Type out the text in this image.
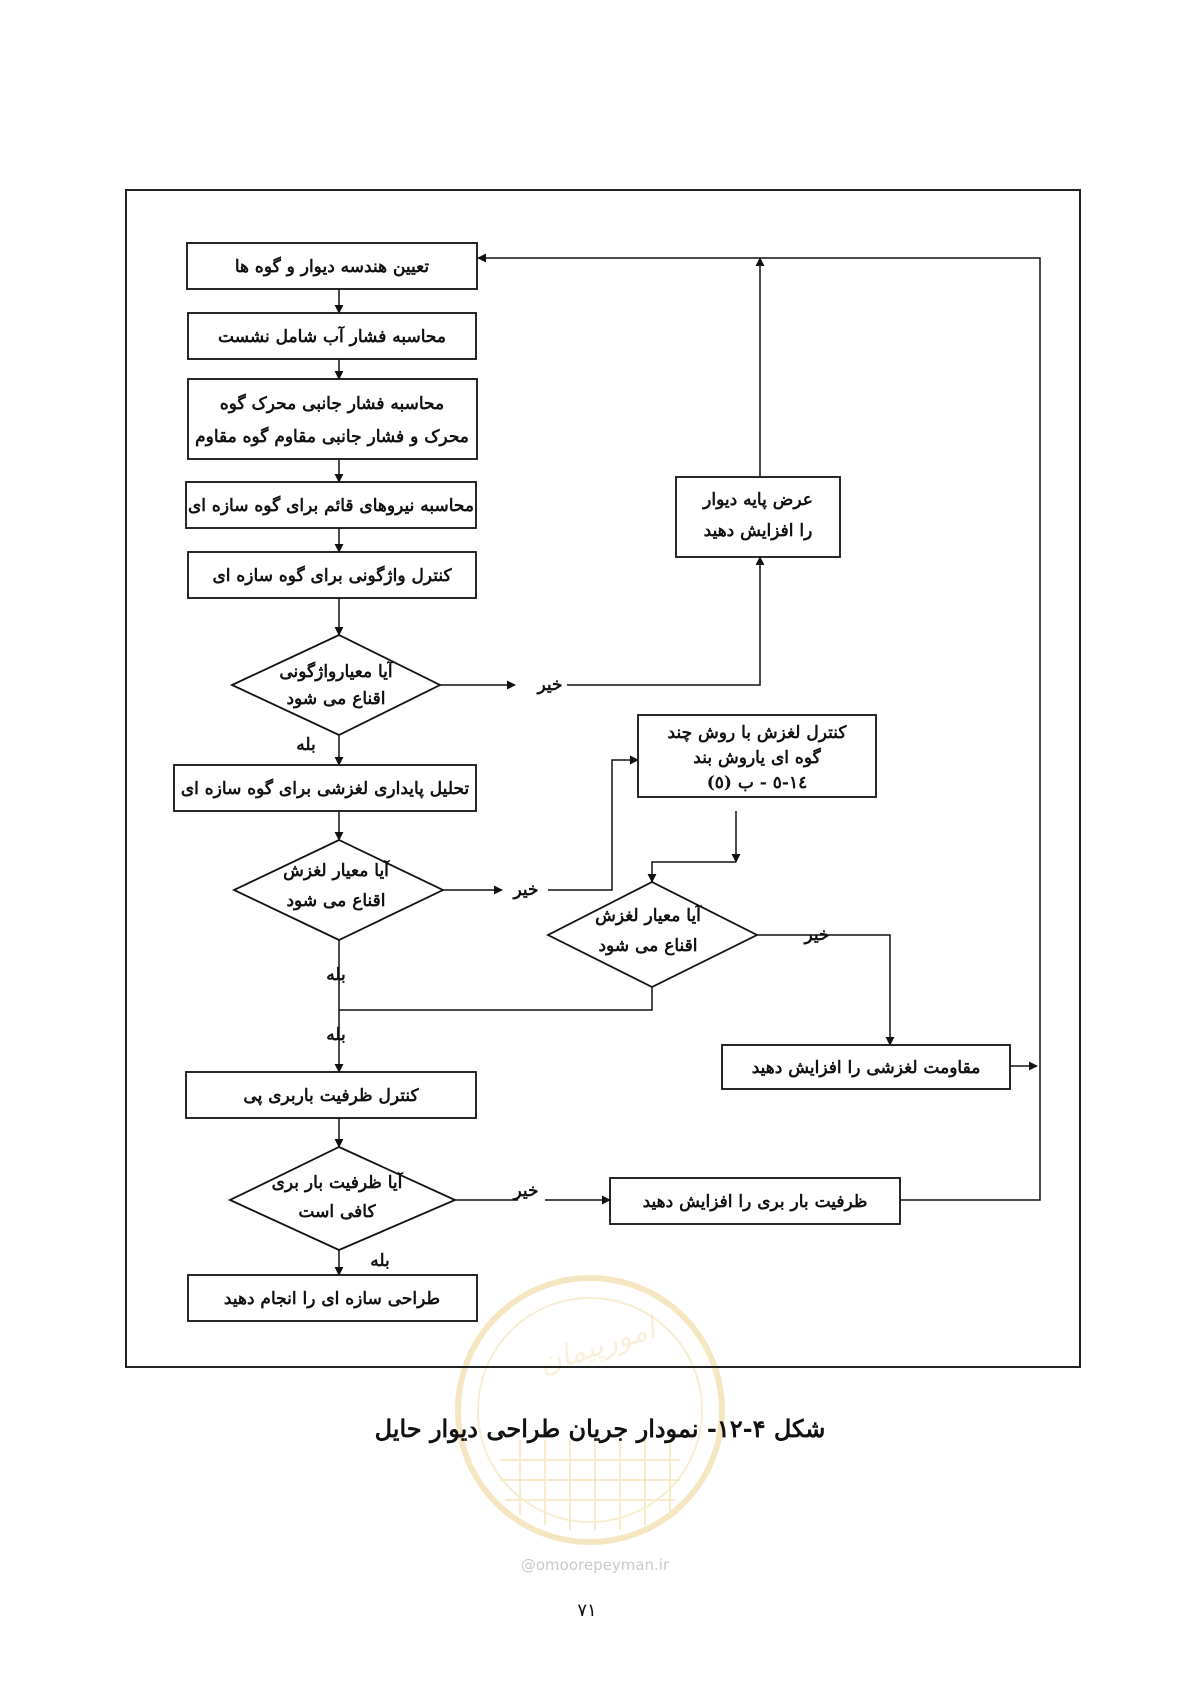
امورپیمان
تعیین هندسه دیوار و گوه ها
محاسبه فشار آب شامل نشست
محاسبه فشار جانبی محرک گوه
محرک و فشار جانبی مقاوم گوه مقاوم
محاسبه نیروهای قائم برای گوه سازه ای
کنترل واژگونی برای گوه سازه ای
آیا معیارواژگونی
اقناع می شود
عرض پایه دیوار
را افزایش دهید
تحلیل پایداری لغزشی برای گوه سازه ای
آیا معیار لغزش
اقناع می شود
کنترل لغزش با روش چند
گوه ای یاروش بند
١٤-٥ - ب (٥)
آیا معیار لغزش
اقناع می شود
مقاومت لغزشی را افزایش دهید
کنترل ظرفیت باربری پی
آیا ظرفیت بار بری
کافی است	ظرفیت بار بری را افزایش دهید
طراحی سازه ای را انجام دهید
خیر
بله
خیر
بله
بله
خیر
خیر
بله
شکل ۴-۱۲- نمودار جریان طراحی دیوار حایل
@omoorepeyman.ir
٧١
